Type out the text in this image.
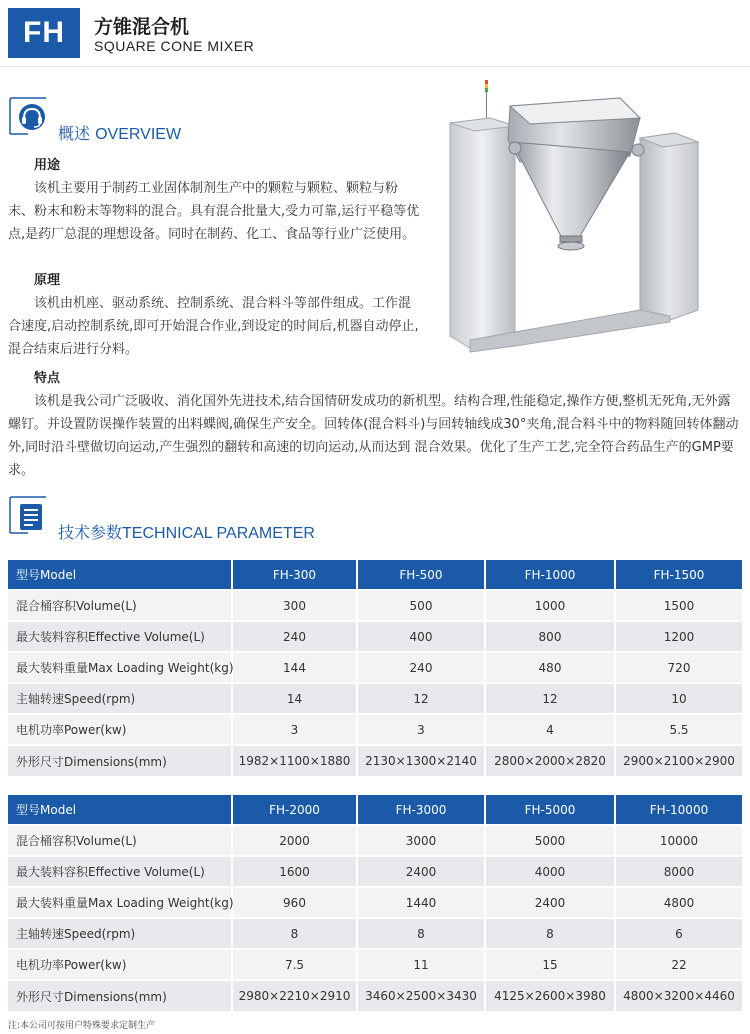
FH	方锥混合机
SQUARE CONE MIXER
概述 OVERVIEW
用途
该机主要用于制药工业固体制剂生产中的颗粒与颗粒、颗粒与粉末、粉末和粉末等物料的混合。具有混合批量大,受力可靠,运行平稳等优点,是药厂总混的理想设备。同时在制药、化工、食品等行业广泛使用。
原理
该机由机座、驱动系统、控制系统、混合料斗等部件组成。工作混合速度,启动控制系统,即可开始混合作业,到设定的时间后,机器自动停止,混合结束后进行分料。
特点
该机是我公司广泛吸收、消化国外先进技术,结合国情研发成功的新机型。结构合理,性能稳定,操作方便,整机无死角,无外露螺钉。并设置防误操作装置的出料蝶阀,确保生产安全。回转体(混合料斗)与回转轴线成30°夹角,混合料斗中的物料随回转体翻动外,同时沿斗壁做切向运动,产生强烈的翻转和高速的切向运动,从而达到 混合效果。优化了生产工艺,完全符合药品生产的GMP要求。
技术参数TECHNICAL PARAMETER
型号Model	FH-300	FH-500	FH-1000	FH-1500
混合桶容积Volume(L)	300	500	1000	1500
最大装料容积Effective Volume(L)	240	400	800	1200
最大装料重量Max Loading Weight(kg)	144	240	480	720
主轴转速Speed(rpm)	14	12	12	10
电机功率Power(kw)	3	3	4	5.5
外形尺寸Dimensions(mm)	1982×1100×1880	2130×1300×2140	2800×2000×2820	2900×2100×2900
型号Model	FH-2000	FH-3000	FH-5000	FH-10000
混合桶容积Volume(L)	2000	3000	5000	10000
最大装料容积Effective Volume(L)	1600	2400	4000	8000
最大装料重量Max Loading Weight(kg)	960	1440	2400	4800
主轴转速Speed(rpm)	8	8	8	6
电机功率Power(kw)	7.5	11	15	22
外形尺寸Dimensions(mm)	2980×2210×2910	3460×2500×3430	4125×2600×3980	4800×3200×4460
注:本公司可按用户特殊要求定制生产
